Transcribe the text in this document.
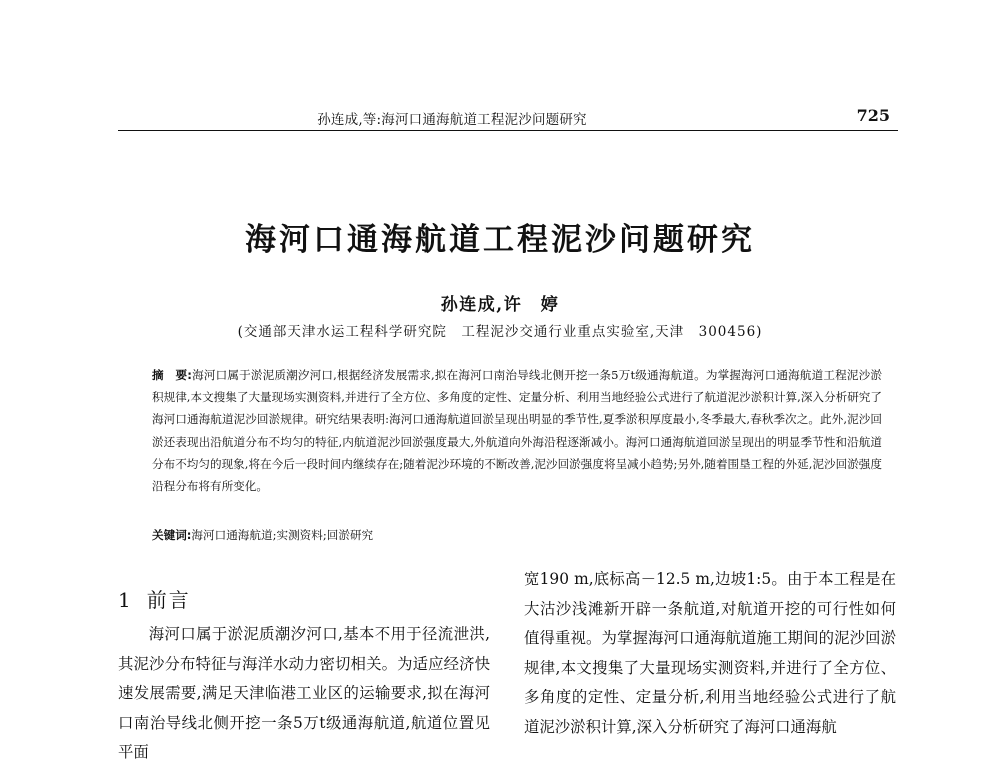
孙连成,等:海河口通海航道工程泥沙问题研究	725
海河口通海航道工程泥沙问题研究
孙连成,许　婷
(交通部天津水运工程科学研究院　工程泥沙交通行业重点实验室,天津　300456)
摘　要:海河口属于淤泥质潮汐河口,根据经济发展需求,拟在海河口南治导线北侧开挖一条5万t级通海航道。为掌握海河口通海航道工程泥沙淤积规律,本文搜集了大量现场实测资料,并进行了全方位、多角度的定性、定量分析、利用当地经验公式进行了航道泥沙淤积计算,深入分析研究了海河口通海航道泥沙回淤规律。研究结果表明:海河口通海航道回淤呈现出明显的季节性,夏季淤积厚度最小,冬季最大,春秋季次之。此外,泥沙回淤还表现出沿航道分布不均匀的特征,内航道泥沙回淤强度最大,外航道向外海沿程逐渐减小。海河口通海航道回淤呈现出的明显季节性和沿航道分布不均匀的现象,将在今后一段时间内继续存在;随着泥沙环境的不断改善,泥沙回淤强度将呈减小趋势;另外,随着围垦工程的外延,泥沙回淤强度沿程分布将有所变化。
关键词:海河口通海航道;实测资料;回淤研究
1 前言
海河口属于淤泥质潮汐河口,基本不用于径流泄洪,其泥沙分布特征与海洋水动力密切相关。为适应经济快速发展需要,满足天津临港工业区的运输要求,拟在海河口南治导线北侧开挖一条5万t级通海航道,航道位置见平面
宽190 m,底标高－12.5 m,边坡1:5。由于本工程是在大沽沙浅滩新开辟一条航道,对航道开挖的可行性如何值得重视。为掌握海河口通海航道施工期间的泥沙回淤规律,本文搜集了大量现场实测资料,并进行了全方位、多角度的定性、定量分析,利用当地经验公式进行了航道泥沙淤积计算,深入分析研究了海河口通海航
